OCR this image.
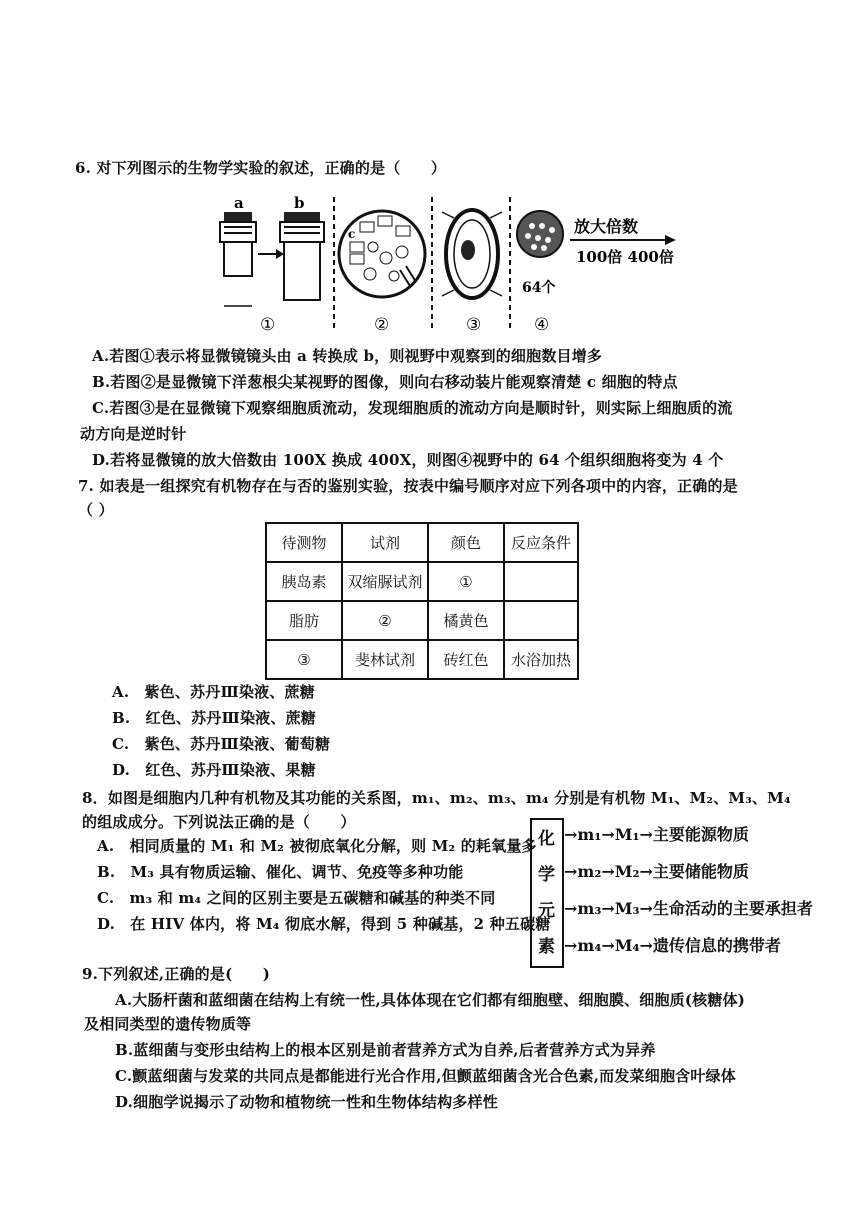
6. 对下列图示的生物学实验的叙述，正确的是（　　）
a	b
c
64个
放大倍数
100倍 400倍
①	②	③	④
A.若图①表示将显微镜镜头由 a 转换成 b，则视野中观察到的细胞数目增多
B.若图②是显微镜下洋葱根尖某视野的图像，则向右移动装片能观察清楚 c 细胞的特点
C.若图③是在显微镜下观察细胞质流动，发现细胞质的流动方向是顺时针，则实际上细胞质的流
动方向是逆时针
D.若将显微镜的放大倍数由 100X 换成 400X，则图④视野中的 64 个组织细胞将变为 4 个
7. 如表是一组探究有机物存在与否的鉴别实验，按表中编号顺序对应下列各项中的内容，正确的是
（ ）
待测物	试剂	颜色	反应条件
胰岛素	双缩脲试剂	①	
脂肪	②	橘黄色	
③	斐林试剂	砖红色	水浴加热
A.　紫色、苏丹Ⅲ染液、蔗糖
B.　红色、苏丹Ⅲ染液、蔗糖
C.　紫色、苏丹Ⅲ染液、葡萄糖
D.　红色、苏丹Ⅲ染液、果糖
8．如图是细胞内几种有机物及其功能的关系图，m₁、m₂、m₃、m₄ 分别是有机物 M₁、M₂、M₃、M₄
的组成成分。下列说法正确的是（　　）
A.　相同质量的 M₁ 和 M₂ 被彻底氧化分解，则 M₂ 的耗氧量多
B.　M₃ 具有物质运输、催化、调节、免疫等多种功能
C.　m₃ 和 m₄ 之间的区别主要是五碳糖和碱基的种类不同
D.　在 HIV 体内，将 M₄ 彻底水解，得到 5 种碱基，2 种五碳糖
化
学
元
素
→m₁→M₁→主要能源物质
→m₂→M₂→主要储能物质
→m₃→M₃→生命活动的主要承担者
→m₄→M₄→遗传信息的携带者
9.下列叙述,正确的是(　　)
A.大肠杆菌和蓝细菌在结构上有统一性,具体体现在它们都有细胞壁、细胞膜、细胞质(核糖体)
及相同类型的遗传物质等
B.蓝细菌与变形虫结构上的根本区别是前者营养方式为自养,后者营养方式为异养
C.颤蓝细菌与发菜的共同点是都能进行光合作用,但颤蓝细菌含光合色素,而发菜细胞含叶绿体
D.细胞学说揭示了动物和植物统一性和生物体结构多样性
